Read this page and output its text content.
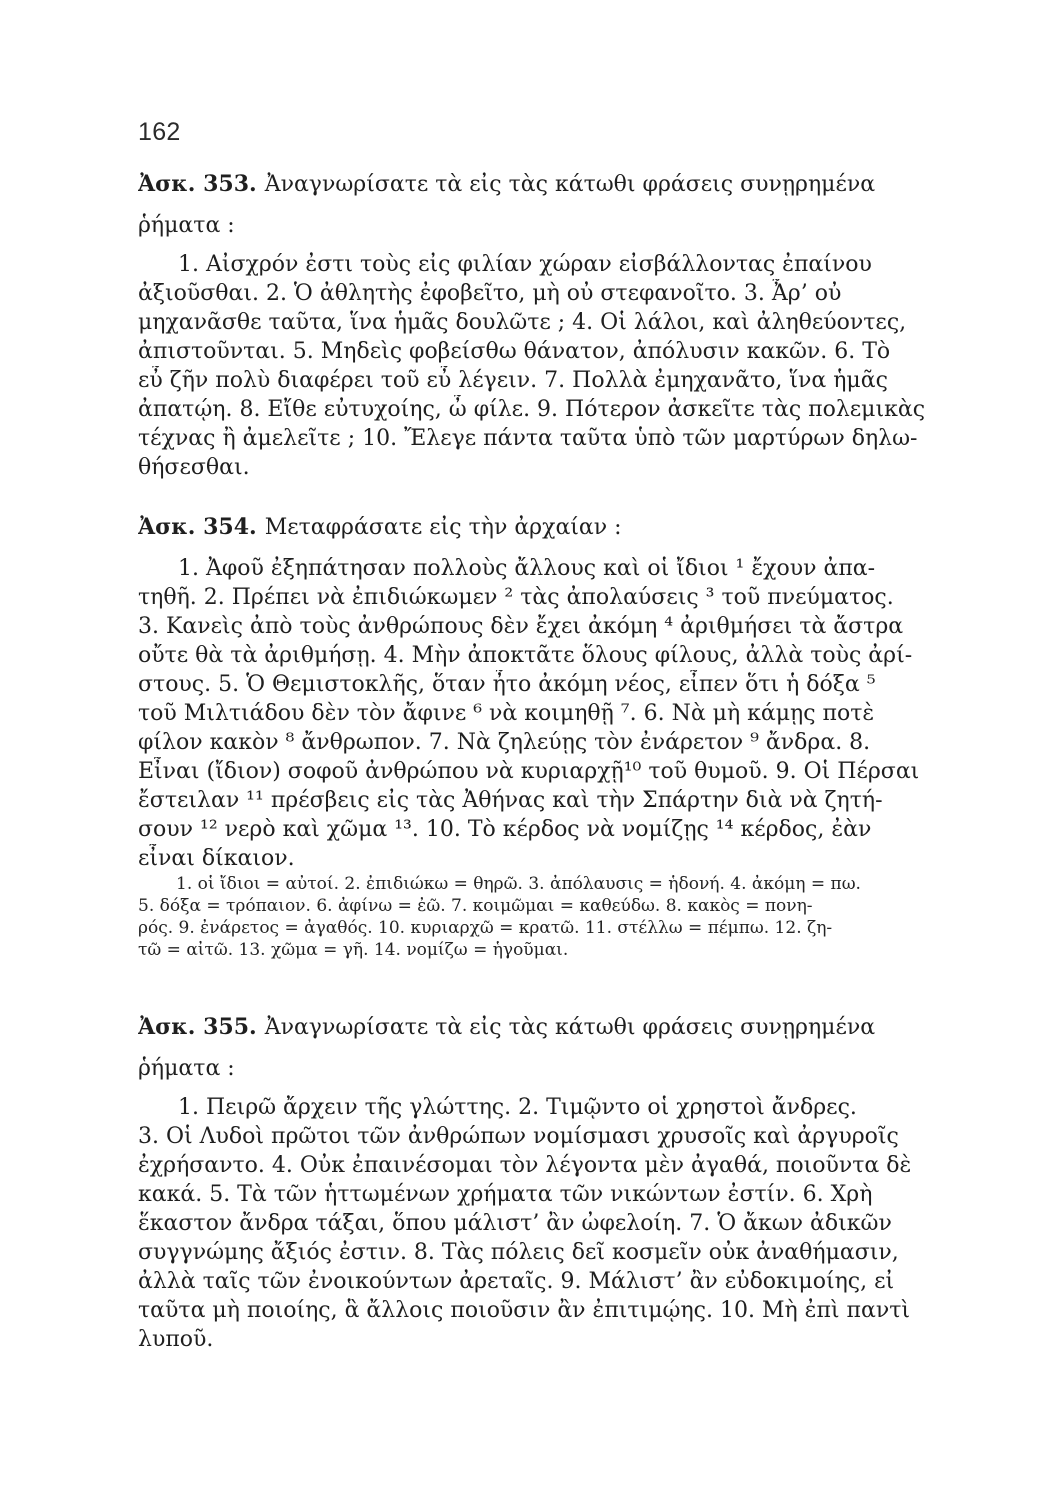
162
Ἀσκ. 353. Ἀναγνωρίσατε τὰ εἰς τὰς κάτωθι φράσεις συνῃρημένα
ῥήματα :
1. Αἰσχρόν ἐστι τοὺς εἰς φιλίαν χώραν εἰσβάλλοντας ἐπαίνου
ἀξιοῦσθαι. 2. Ὁ ἀθλητὴς ἐφοβεῖτο, μὴ οὐ στεφανοῖτο. 3. Ἆρ’ οὐ
μηχανᾶσθε ταῦτα, ἵνα ἡμᾶς δουλῶτε ; 4. Οἱ λάλοι, καὶ ἀληθεύοντες,
ἀπιστοῦνται. 5. Μηδεὶς φοβείσθω θάνατον, ἀπόλυσιν κακῶν. 6. Τὸ
εὖ ζῆν πολὺ διαφέρει τοῦ εὖ λέγειν. 7. Πολλὰ ἐμηχανᾶτο, ἵνα ἡμᾶς
ἀπατῴη. 8. Εἴθε εὐτυχοίης, ὦ φίλε. 9. Πότερον ἀσκεῖτε τὰς πολεμικὰς
τέχνας ἢ ἀμελεῖτε ; 10. Ἔλεγε πάντα ταῦτα ὑπὸ τῶν μαρτύρων δηλω-
θήσεσθαι.
Ἀσκ. 354. Μεταφράσατε εἰς τὴν ἀρχαίαν :
1. Ἀφοῦ ἐξηπάτησαν πολλοὺς ἄλλους καὶ οἱ ἴδιοι ¹ ἔχουν ἀπα-
τηθῆ. 2. Πρέπει νὰ ἐπιδιώκωμεν ² τὰς ἀπολαύσεις ³ τοῦ πνεύματος.
3. Κανεὶς ἀπὸ τοὺς ἀνθρώπους δὲν ἔχει ἀκόμη ⁴ ἀριθμήσει τὰ ἄστρα
οὔτε θὰ τὰ ἀριθμήσῃ. 4. Μὴν ἀποκτᾶτε ὅλους φίλους, ἀλλὰ τοὺς ἀρί-
στους. 5. Ὁ Θεμιστοκλῆς, ὅταν ἦτο ἀκόμη νέος, εἶπεν ὅτι ἡ δόξα ⁵
τοῦ Μιλτιάδου δὲν τὸν ἄφινε ⁶ νὰ κοιμηθῇ ⁷. 6. Νὰ μὴ κάμῃς ποτὲ
φίλον κακὸν ⁸ ἄνθρωπον. 7. Νὰ ζηλεύῃς τὸν ἐνάρετον ⁹ ἄνδρα. 8.
Εἶναι (ἴδιον) σοφοῦ ἀνθρώπου νὰ κυριαρχῇ¹⁰ τοῦ θυμοῦ. 9. Οἱ Πέρσαι
ἔστειλαν ¹¹ πρέσβεις εἰς τὰς Ἀθήνας καὶ τὴν Σπάρτην διὰ νὰ ζητή-
σουν ¹² νερὸ καὶ χῶμα ¹³. 10. Τὸ κέρδος νὰ νομίζῃς ¹⁴ κέρδος, ἐὰν
εἶναι δίκαιον.
1. οἱ ἴδιοι = αὐτοί. 2. ἐπιδιώκω = θηρῶ. 3. ἀπόλαυσις = ἡδονή. 4. ἀκόμη = πω.
5. δόξα = τρόπαιον. 6. ἀφίνω = ἐῶ. 7. κοιμῶμαι = καθεύδω. 8. κακὸς = πονη-
ρός. 9. ἐνάρετος = ἀγαθός. 10. κυριαρχῶ = κρατῶ. 11. στέλλω = πέμπω. 12. ζη-
τῶ = αἰτῶ. 13. χῶμα = γῆ. 14. νομίζω = ἡγοῦμαι.
Ἀσκ. 355. Ἀναγνωρίσατε τὰ εἰς τὰς κάτωθι φράσεις συνῃρημένα
ῥήματα :
1. Πειρῶ ἄρχειν τῆς γλώττης. 2. Τιμῷντο οἱ χρηστοὶ ἄνδρες.
3. Οἱ Λυδοὶ πρῶτοι τῶν ἀνθρώπων νομίσμασι χρυσοῖς καὶ ἀργυροῖς
ἐχρήσαντο. 4. Οὐκ ἐπαινέσομαι τὸν λέγοντα μὲν ἀγαθά, ποιοῦντα δὲ
κακά. 5. Τὰ τῶν ἡττωμένων χρήματα τῶν νικώντων ἐστίν. 6. Χρὴ
ἕκαστον ἄνδρα τάξαι, ὅπου μάλιστ’ ἂν ὠφελοίη. 7. Ὁ ἄκων ἀδικῶν
συγγνώμης ἄξιός ἐστιν. 8. Τὰς πόλεις δεῖ κοσμεῖν οὐκ ἀναθήμασιν,
ἀλλὰ ταῖς τῶν ἐνοικούντων ἀρεταῖς. 9. Μάλιστ’ ἂν εὐδοκιμοίης, εἰ
ταῦτα μὴ ποιοίης, ἃ ἄλλοις ποιοῦσιν ἂν ἐπιτιμῴης. 10. Μὴ ἐπὶ παντὶ
λυποῦ.
